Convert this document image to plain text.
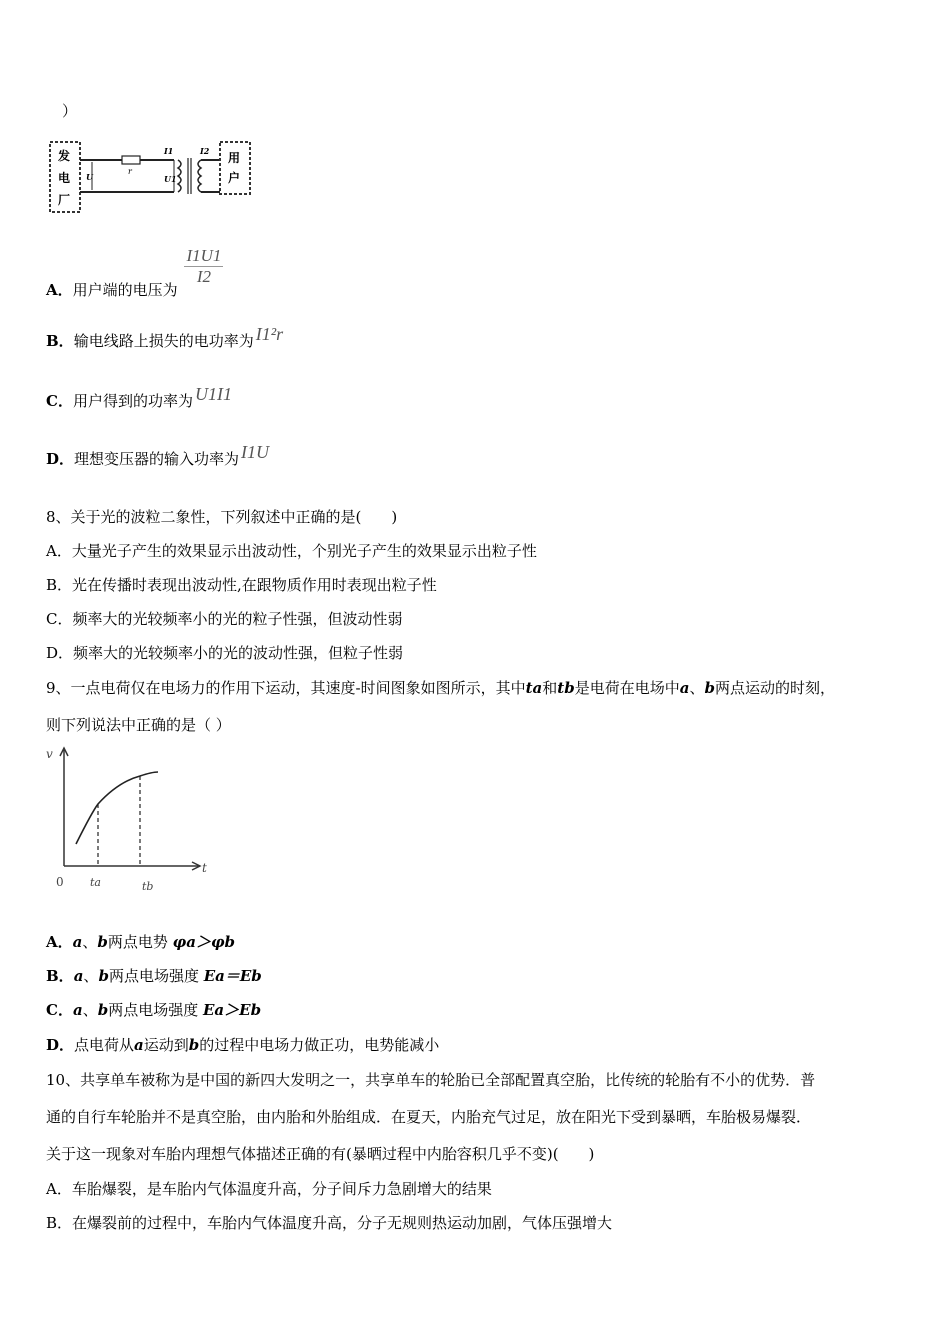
）
发
电
厂
r
U	U1
I1	I2 用
户
A．用户端的电压为
$\frac{I1U1}{I2}$
B．输电线路上损失的电功率为 I1²r
C．用户得到的功率为 U1I1
D．理想变压器的输入功率为 I1U
8、关于光的波粒二象性，下列叙述中正确的是(　　)
A．大量光子产生的效果显示出波动性，个别光子产生的效果显示出粒子性
B．光在传播时表现出波动性,在跟物质作用时表现出粒子性
C．频率大的光较频率小的光的粒子性强，但波动性弱
D．频率大的光较频率小的光的波动性强，但粒子性弱
9、一点电荷仅在电场力的作用下运动，其速度-时间图象如图所示，其中ta和tb是电荷在电场中a、b两点运动的时刻，
则下列说法中正确的是（ ）
v
t
0 ta	tb
A．a、b两点电势 φa＞φb
B．a、b两点电场强度 Ea＝Eb
C．a、b两点电场强度 Ea＞Eb
D．点电荷从a运动到b的过程中电场力做正功，电势能减小
10、共享单车被称为是中国的新四大发明之一，共享单车的轮胎已全部配置真空胎，比传统的轮胎有不小的优势．普
通的自行车轮胎并不是真空胎，由内胎和外胎组成．在夏天，内胎充气过足，放在阳光下受到暴晒，车胎极易爆裂．
关于这一现象对车胎内理想气体描述正确的有(暴晒过程中内胎容积几乎不变)(　　)
A．车胎爆裂，是车胎内气体温度升高，分子间斥力急剧增大的结果
B．在爆裂前的过程中，车胎内气体温度升高，分子无规则热运动加剧，气体压强增大
